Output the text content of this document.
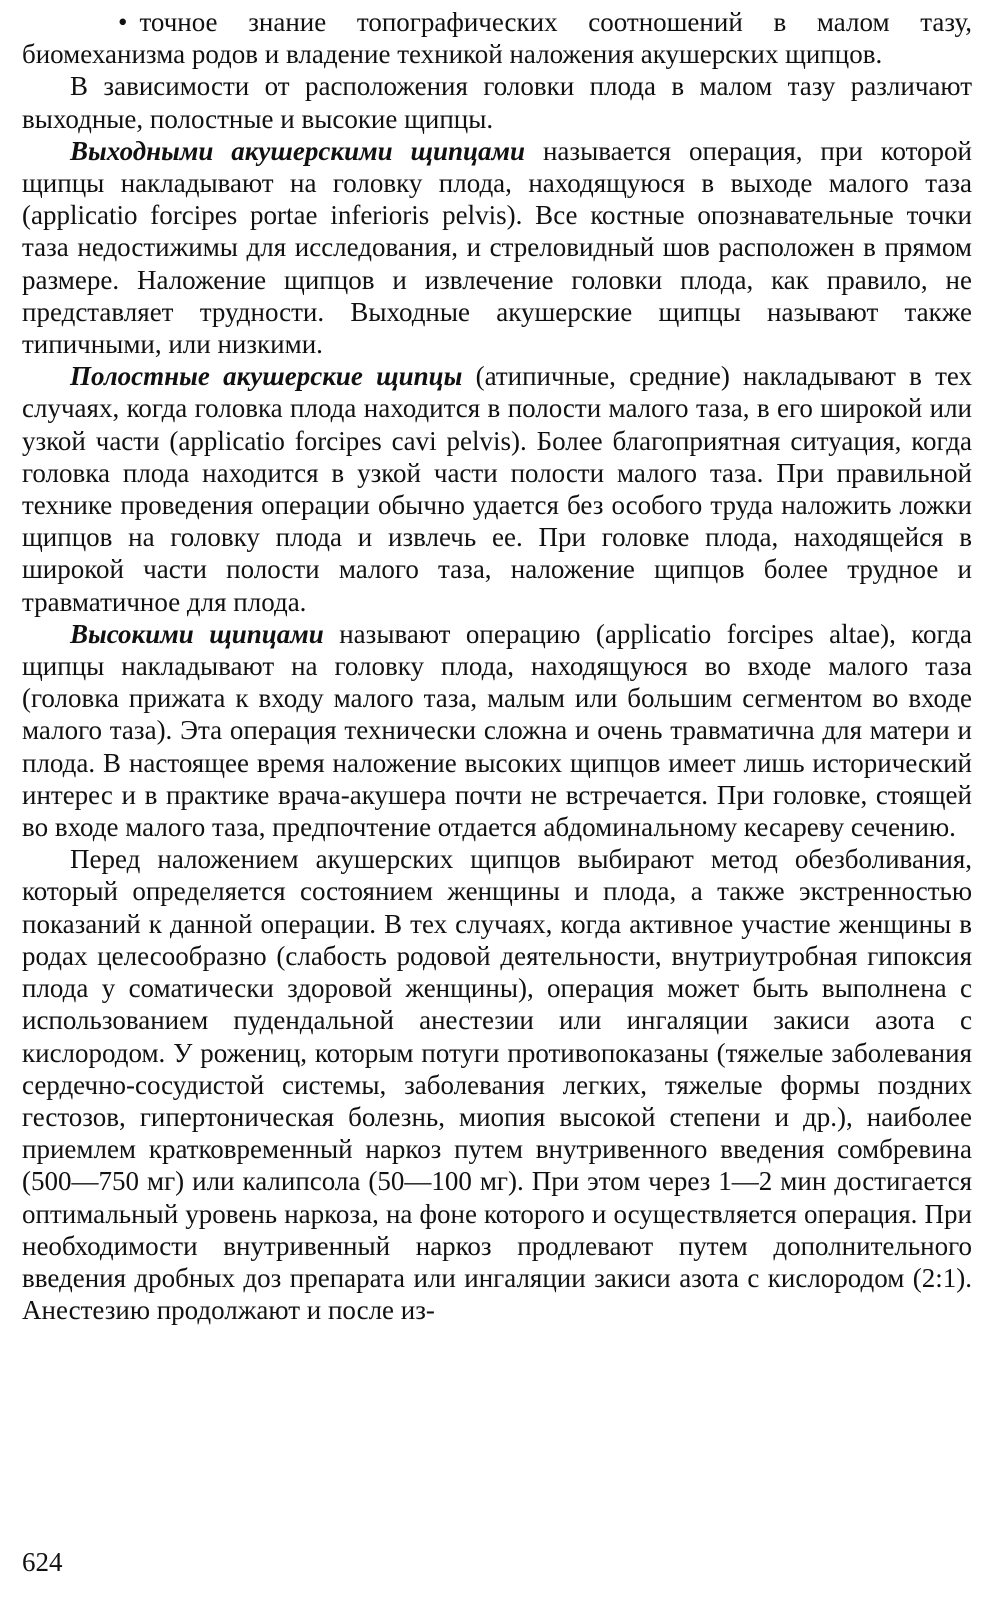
• точное знание топографических соотношений в малом тазу, биомеханизма родов и владение техникой наложения акушерских щипцов.

В зависимости от расположения головки плода в малом тазу различают выходные, полостные и высокие щипцы.

Выходными акушерскими щипцами называется операция, при которой щипцы накладывают на головку плода, находящуюся в выходе малого таза (applicatio forcipes portae inferioris pelvis). Все костные опознавательные точки таза недостижимы для исследования, и стреловидный шов расположен в прямом размере. Наложение щипцов и извлечение головки плода, как правило, не представляет трудности. Выходные акушерские щипцы называют также типичными, или низкими.

Полостные акушерские щипцы (атипичные, средние) накладывают в тех случаях, когда головка плода находится в полости малого таза, в его широкой или узкой части (applicatio forcipes cavi pelvis). Более благоприятная ситуация, когда головка плода находится в узкой части полости малого таза. При правильной технике проведения операции обычно удается без особого труда наложить ложки щипцов на головку плода и извлечь ее. При головке плода, находящейся в широкой части полости малого таза, наложение щипцов более трудное и травматичное для плода.

Высокими щипцами называют операцию (applicatio forcipes altae), когда щипцы накладывают на головку плода, находящуюся во входе малого таза (головка прижата к входу малого таза, малым или большим сегментом во входе малого таза). Эта операция технически сложна и очень травматична для матери и плода. В настоящее время наложение высоких щипцов имеет лишь исторический интерес и в практике врача-акушера почти не встречается. При головке, стоящей во входе малого таза, предпочтение отдается абдоминальному кесареву сечению.

Перед наложением акушерских щипцов выбирают метод обезболивания, который определяется состоянием женщины и плода, а также экстренностью показаний к данной операции. В тех случаях, когда активное участие женщины в родах целесообразно (слабость родовой деятельности, внутриутробная гипоксия плода у соматически здоровой женщины), операция может быть выполнена с использованием пудендальной анестезии или ингаляции закиси азота с кислородом. У рожениц, которым потуги противопоказаны (тяжелые заболевания сердечно-сосудистой системы, заболевания легких, тяжелые формы поздних гестозов, гипертоническая болезнь, миопия высокой степени и др.), наиболее приемлем кратковременный наркоз путем внутривенного введения сомбревина (500—750 мг) или калипсола (50—100 мг). При этом через 1—2 мин достигается оптимальный уровень наркоза, на фоне которого и осуществляется операция. При необходимости внутривенный наркоз продлевают путем дополнительного введения дробных доз препарата или ингаляции закиси азота с кислородом (2:1). Анестезию продолжают и после из-

624
